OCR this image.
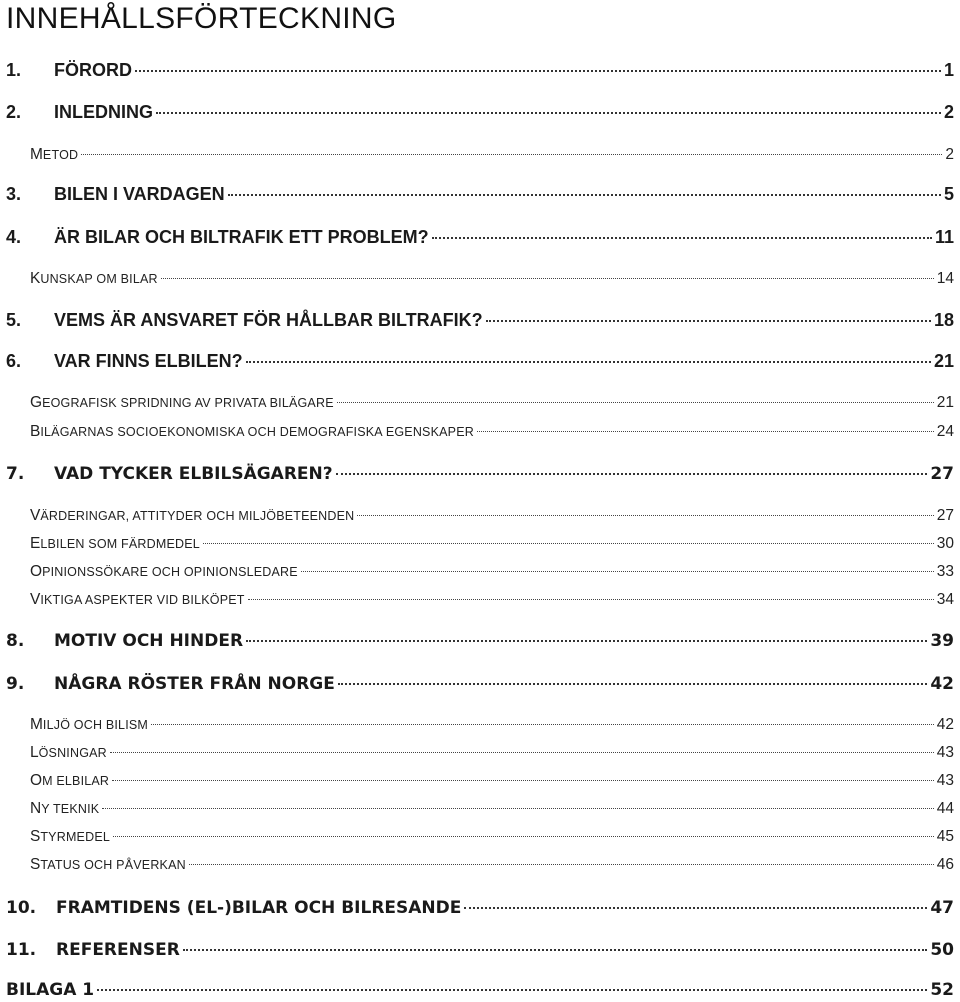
INNEHÅLLSFÖRTECKNING
1.	FÖRORD	1
2.	INLEDNING	2
METOD	2
3.	BILEN I VARDAGEN	5
4.	ÄR BILAR OCH BILTRAFIK ETT PROBLEM?	11
KUNSKAP OM BILAR	14
5.	VEMS ÄR ANSVARET FÖR HÅLLBAR BILTRAFIK?	18
6.	VAR FINNS ELBILEN?	21
GEOGRAFISK SPRIDNING AV PRIVATA BILÄGARE	21
BILÄGARNAS SOCIOEKONOMISKA OCH DEMOGRAFISKA EGENSKAPER	24
7.	VAD TYCKER ELBILSÄGAREN?	27
VÄRDERINGAR, ATTITYDER OCH MILJÖBETEENDEN	27
ELBILEN SOM FÄRDMEDEL	30
OPINIONSSÖKARE OCH OPINIONSLEDARE	33
VIKTIGA ASPEKTER VID BILKÖPET	34
8.	MOTIV OCH HINDER	39
9.	NÅGRA RÖSTER FRÅN NORGE	42
MILJÖ OCH BILISM	42
LÖSNINGAR	43
OM ELBILAR	43
NY TEKNIK	44
STYRMEDEL	45
STATUS OCH PÅVERKAN	46
10.	FRAMTIDENS (EL-)BILAR OCH BILRESANDE	47
11.	REFERENSER	50
BILAGA 1	52
